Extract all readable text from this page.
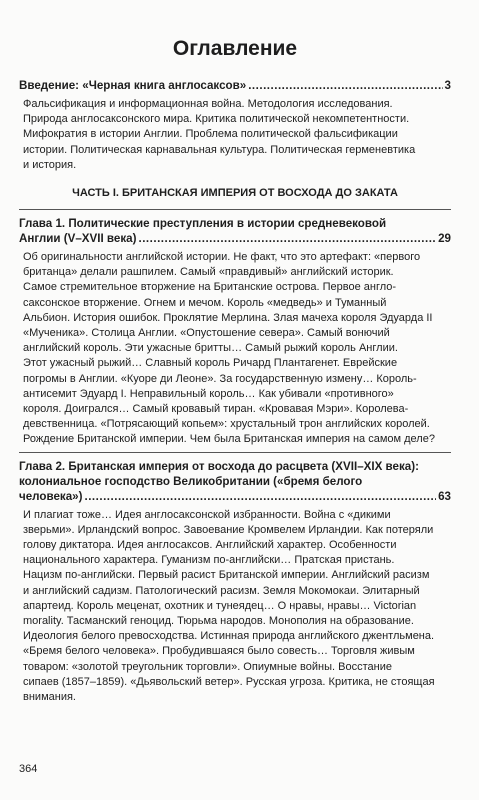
Оглавление
Введение: «Черная книга англосаксов» .....	3
Фальсификация и информационная война. Методология исследования.
Природа англосаксонского мира. Критика политической некомпетентности.
Мифократия в истории Англии. Проблема политической фальсификации
истории. Политическая карнавальная культура. Политическая герменевтика
и история.
ЧАСТЬ I. БРИТАНСКАЯ ИМПЕРИЯ ОТ ВОСХОДА ДО ЗАКАТА
Глава 1. Политические преступления в истории средневековой
Англии (V–XVII века) .....	29
Об оригинальности английской истории. Не факт, что это артефакт: «первого
британца» делали рашпилем. Самый «правдивый» английский историк.
Самое стремительное вторжение на Британские острова. Первое англо-
саксонское вторжение. Огнем и мечом. Король «медведь» и Туманный
Альбион. История ошибок. Проклятие Мерлина. Злая мачеха короля Эдуарда II
«Мученика». Столица Англии. «Опустошение севера». Самый вонючий
английский король. Эти ужасные бритты… Самый рыжий король Англии.
Этот ужасный рыжий… Славный король Ричард Плантагенет. Еврейские
погромы в Англии. «Куоре ди Леоне». За государственную измену… Король-
антисемит Эдуард I. Неправильный король… Как убивали «противного»
короля. Доигрался… Самый кровавый тиран. «Кровавая Мэри». Королева-
девственница. «Потрясающий копьем»: хрустальный трон английских королей.
Рождение Британской империи. Чем была Британская империя на самом деле?
Глава 2. Британская империя от восхода до расцвета (XVII–XIX века):
колониальное господство Великобритании («бремя белого
человека») .....	63
И плагиат тоже… Идея англосаксонской избранности. Война с «дикими
зверьми». Ирландский вопрос. Завоевание Кромвелем Ирландии. Как потеряли
голову диктатора. Идея англосаксов. Английский характер. Особенности
национального характера. Гуманизм по-английски… Пратская пристань.
Нацизм по-английски. Первый расист Британской империи. Английский расизм
и английский садизм. Патологический расизм. Земля Мокомокаи. Элитарный
апартеид. Король меценат, охотник и тунеядец… О нравы, нравы… Victorian
morality. Тасманский геноцид. Тюрьма народов. Монополия на образование.
Идеология белого превосходства. Истинная природа английского джентльмена.
«Бремя белого человека». Пробудившаяся было совесть… Торговля живым
товаром: «золотой треугольник торговли». Опиумные войны. Восстание
сипаев (1857–1859). «Дьявольский ветер». Русская угроза. Критика, не стоящая
внимания.
364
